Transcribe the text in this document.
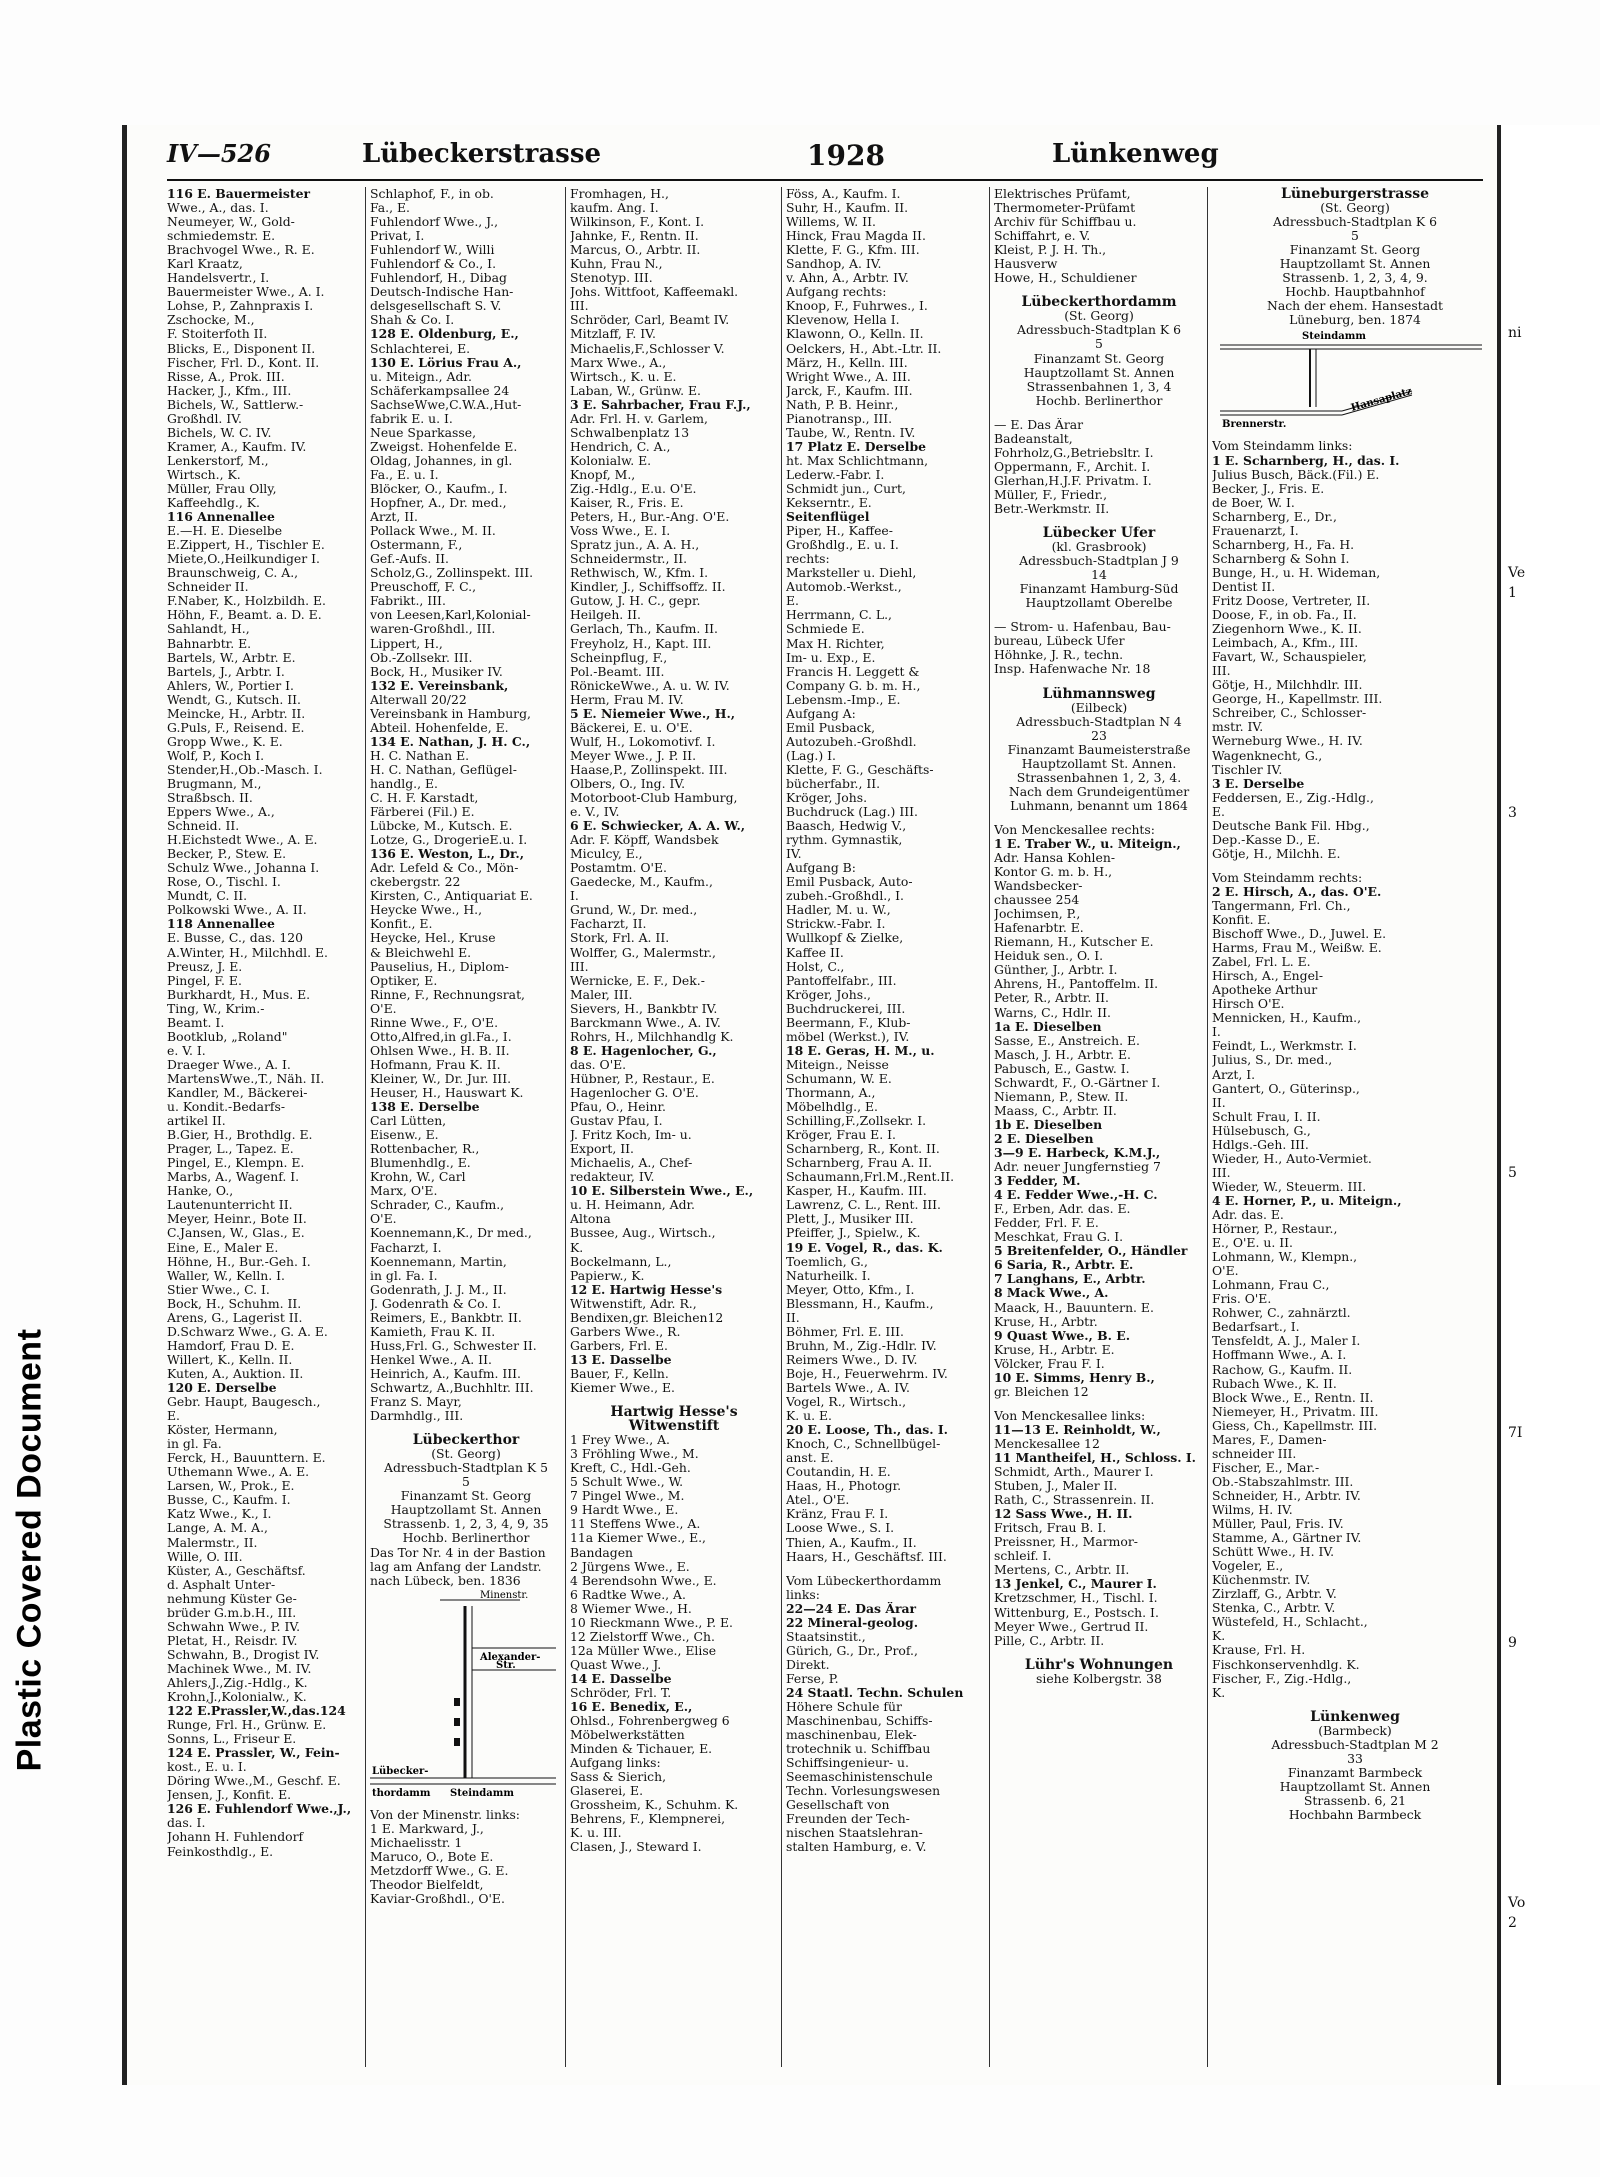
Plastic Covered Document
ni
Ve
1
3
5
7I
9
Vo
2
IV—526	Lübeckerstrasse	1928	Lünkenweg
116 E. Bauermeister
Wwe., A., das. I.
Neumeyer, W., Gold-
schmiedemstr. E.
Brachvogel Wwe., R. E.
Karl Kraatz,
Handelsvertr., I.
Bauermeister Wwe., A. I.
Lohse, P., Zahnpraxis I.
Zschocke, M.,
F. Stoiterfoth II.
Blicks, E., Disponent II.
Fischer, Frl. D., Kont. II.
Risse, A., Prok. III.
Hacker, J., Kfm., III.
Bichels, W., Sattlerw.-
Großhdl. IV.
Bichels, W. C. IV.
Kramer, A., Kaufm. IV.
Lenkerstorf, M.,
Wirtsch., K.
Müller, Frau Olly,
Kaffeehdlg., K.
116 Annenallee
E.—H. E. Dieselbe
E.Zippert, H., Tischler E.
Miete,O.,Heilkundiger I.
Braunschweig, C. A.,
Schneider II.
F.Naber, K., Holzbildh. E.
Höhn, F., Beamt. a. D. E.
Sahlandt, H.,
Bahnarbtr. E.
Bartels, W., Arbtr. E.
Bartels, J., Arbtr. I.
Ahlers, W., Portier I.
Wendt, G., Kutsch. II.
Meincke, H., Arbtr. II.
G.Puls, F., Reisend. E.
Gropp Wwe., K. E.
Wolf, P., Koch I.
Stender,H.,Ob.-Masch. I.
Brugmann, M.,
Straßbsch. II.
Eppers Wwe., A.,
Schneid. II.
H.Eichstedt Wwe., A. E.
Becker, P., Stew. E.
Schulz Wwe., Johanna I.
Rose, O., Tischl. I.
Mundt, C. II.
Polkowski Wwe., A. II.
118 Annenallee
E. Busse, C., das. 120
A.Winter, H., Milchhdl. E.
Preusz, J. E.
Pingel, F. E.
Burkhardt, H., Mus. E.
Ting, W., Krim.-
Beamt. I.
Bootklub, „Roland"
e. V. I.
Draeger Wwe., A. I.
MartensWwe.,T., Näh. II.
Kandler, M., Bäckerei-
u. Kondit.-Bedarfs-
artikel II.
B.Gier, H., Brothdlg. E.
Prager, L., Tapez. E.
Pingel, E., Klempn. E.
Marbs, A., Wagenf. I.
Hanke, O.,
Lautenunterricht II.
Meyer, Heinr., Bote II.
C.Jansen, W., Glas., E.
Eine, E., Maler E.
Höhne, H., Bur.-Geh. I.
Waller, W., Kelln. I.
Stier Wwe., C. I.
Bock, H., Schuhm. II.
Arens, G., Lagerist II.
D.Schwarz Wwe., G. A. E.
Hamdorf, Frau D. E.
Willert, K., Kelln. II.
Kuten, A., Auktion. II.
120 E. Derselbe
Gebr. Haupt, Baugesch.,
E.
Köster, Hermann,
in gl. Fa.
Ferck, H., Bauunttern. E.
Uthemann Wwe., A. E.
Larsen, W., Prok., E.
Busse, C., Kaufm. I.
Katz Wwe., K., I.
Lange, A. M. A.,
Malermstr., II.
Wille, O. III.
Küster, A., Geschäftsf.
d. Asphalt Unter-
nehmung Küster Ge-
brüder G.m.b.H., III.
Schwahn Wwe., P. IV.
Pletat, H., Reisdr. IV.
Schwahn, B., Drogist IV.
Machinek Wwe., M. IV.
Ahlers,J.,Zig.-Hdlg., K.
Krohn,J.,Kolonialw., K.
122 E.Prassler,W.,das.124
Runge, Frl. H., Grünw. E.
Sonns, L., Friseur E.
124 E. Prassler, W., Fein-
kost., E. u. I.
Döring Wwe.,M., Geschf. E.
Jensen, J., Konfit. E.
126 E. Fuhlendorf Wwe.,J.,
das. I.
Johann H. Fuhlendorf
Feinkosthdlg., E.
Schlaphof, F., in ob.
Fa., E.
Fuhlendorf Wwe., J.,
Privat, I.
Fuhlendorf W., Willi
Fuhlendorf & Co., I.
Fuhlendorf, H., Dibag
Deutsch-Indische Han-
delsgesellschaft S. V.
Shah & Co. I.
128 E. Oldenburg, E.,
Schlachterei, E.
130 E. Lörius Frau A.,
u. Miteign., Adr.
Schäferkampsallee 24
SachseWwe,C.W.A.,Hut-
fabrik E. u. I.
Neue Sparkasse,
Zweigst. Hohenfelde E.
Oldag, Johannes, in gl.
Fa., E. u. I.
Blöcker, O., Kaufm., I.
Hopfner, A., Dr. med.,
Arzt, II.
Pollack Wwe., M. II.
Ostermann, F.,
Gef.-Aufs. II.
Scholz,G., Zollinspekt. III.
Preuschoff, F. C.,
Fabrikt., III.
von Leesen,Karl,Kolonial-
waren-Großhdl., III.
Lippert, H.,
Ob.-Zollsekr. III.
Bock, H., Musiker IV.
132 E. Vereinsbank,
Alterwall 20/22
Vereinsbank in Hamburg,
Abteil. Hohenfelde, E.
134 E. Nathan, J. H. C.,
H. C. Nathan E.
H. C. Nathan, Geflügel-
handlg., E.
C. H. F. Karstadt,
Färberei (Fil.) E.
Lübcke, M., Kutsch. E.
Lotze, G., DrogerieE.u. I.
136 E. Weston, L., Dr.,
Adr. Lefeld & Co., Mön-
ckebergstr. 22
Kirsten, C., Antiquariat E.
Heycke Wwe., H.,
Konfit., E.
Heycke, Hel., Kruse
& Bleichwehl E.
Pauselius, H., Diplom-
Optiker, E.
Rinne, F., Rechnungsrat,
O'E.
Rinne Wwe., F., O'E.
Otto,Alfred,in gl.Fa., I.
Ohlsen Wwe., H. B. II.
Hofmann, Frau K. II.
Kleiner, W., Dr. Jur. III.
Heuser, H., Hauswart K.
138 E. Derselbe
Carl Lütten,
Eisenw., E.
Rottenbacher, R.,
Blumenhdlg., E.
Krohn, W., Carl
Marx, O'E.
Schrader, C., Kaufm.,
O'E.
Koennemann,K., Dr med.,
Facharzt, I.
Koennemann, Martin,
in gl. Fa. I.
Godenrath, J. J. M., II.
J. Godenrath & Co. I.
Reimers, E., Bankbtr. II.
Kamieth, Frau K. II.
Huss,Frl. G., Schwester II.
Henkel Wwe., A. II.
Heinrich, A., Kaufm. III.
Schwartz, A.,Buchhltr. III.
Franz S. Mayr,
Darmhdlg., III.
Lübeckerthor
(St. Georg)
Adressbuch-Stadtplan K 5
5
Finanzamt St. Georg
Hauptzollamt St. Annen
Strassenb. 1, 2, 3, 4, 9, 35
Hochb. Berlinerthor
Das Tor Nr. 4 in der Bastion
lag am Anfang der Landstr.
nach Lübeck, ben. 1836
Minenstr.
Alexander-
Str.
Lübecker-
thordamm Steindamm
Von der Minenstr. links:
1 E. Markward, J.,
Michaelisstr. 1
Maruco, O., Bote E.
Metzdorff Wwe., G. E.
Theodor Bielfeldt,
Kaviar-Großhdl., O'E.
Fromhagen, H.,
kaufm. Ang. I.
Wilkinson, F., Kont. I.
Jahnke, F., Rentn. II.
Marcus, O., Arbtr. II.
Kuhn, Frau N.,
Stenotyp. III.
Johs. Wittfoot, Kaffeemakl.
III.
Schröder, Carl, Beamt IV.
Mitzlaff, F. IV.
Michaelis,F.,Schlosser V.
Marx Wwe., A.,
Wirtsch., K. u. E.
Laban, W., Grünw. E.
3 E. Sahrbacher, Frau F.J.,
Adr. Frl. H. v. Garlem,
Schwalbenplatz 13
Hendrich, C. A.,
Kolonialw. E.
Knopf, M.,
Zig.-Hdlg., E.u. O'E.
Kaiser, R., Fris. E.
Peters, H., Bur.-Ang. O'E.
Voss Wwe., E. I.
Spratz jun., A. A. H.,
Schneidermstr., II.
Rethwisch, W., Kfm. I.
Kindler, J., Schiffsoffz. II.
Gutow, J. H. C., gepr.
Heilgeh. II.
Gerlach, Th., Kaufm. II.
Freyholz, H., Kapt. III.
Scheinpflug, F.,
Pol.-Beamt. III.
RönickeWwe., A. u. W. IV.
Herm, Frau M. IV.
5 E. Niemeier Wwe., H.,
Bäckerei, E. u. O'E.
Wulf, H., Lokomotivf. I.
Meyer Wwe., J. P. II.
Haase,P., Zollinspekt. III.
Olbers, O., Ing. IV.
Motorboot-Club Hamburg,
e. V., IV.
6 E. Schwiecker, A. A. W.,
Adr. F. Köpff, Wandsbek
Miculcy, E.,
Postamtm. O'E.
Gaedecke, M., Kaufm.,
I.
Grund, W., Dr. med.,
Facharzt, II.
Stork, Frl. A. II.
Wolffer, G., Malermstr.,
III.
Wernicke, E. F., Dek.-
Maler, III.
Sievers, H., Bankbtr IV.
Barckmann Wwe., A. IV.
Rohrs, H., Milchhandlg K.
8 E. Hagenlocher, G.,
das. O'E.
Hübner, P., Restaur., E.
Hagenlocher G. O'E.
Pfau, O., Heinr.
Gustav Pfau, I.
J. Fritz Koch, Im- u.
Export, II.
Michaelis, A., Chef-
redakteur, IV.
10 E. Silberstein Wwe., E.,
u. H. Heimann, Adr.
Altona
Bussee, Aug., Wirtsch.,
K.
Bockelmann, L.,
Papierw., K.
12 E. Hartwig Hesse's
Witwenstift, Adr. R.,
Bendixen,gr. Bleichen12
Garbers Wwe., R.
Garbers, Frl. E.
13 E. Dasselbe
Bauer, F., Kelln.
Kiemer Wwe., E.
Hartwig Hesse's
Witwenstift
1 Frey Wwe., A.
3 Fröhling Wwe., M.
Kreft, C., Hdl.-Geh.
5 Schult Wwe., W.
7 Pingel Wwe., M.
9 Hardt Wwe., E.
11 Steffens Wwe., A.
11a Kiemer Wwe., E.,
Bandagen
2 Jürgens Wwe., E.
4 Berendsohn Wwe., E.
6 Radtke Wwe., A.
8 Wiemer Wwe., H.
10 Rieckmann Wwe., P. E.
12 Zielstorff Wwe., Ch.
12a Müller Wwe., Elise
Quast Wwe., J.
14 E. Dasselbe
Schröder, Frl. T.
16 E. Benedix, E.,
Ohlsd., Fohrenbergweg 6
Möbelwerkstätten
Minden & Tichauer, E.
Aufgang links:
Sass & Sierich,
Glaserei, E.
Grossheim, K., Schuhm. K.
Behrens, F., Klempnerei,
K. u. III.
Clasen, J., Steward I.
Föss, A., Kaufm. I.
Suhr, H., Kaufm. II.
Willems, W. II.
Hinck, Frau Magda II.
Klette, F. G., Kfm. III.
Sandhop, A. IV.
v. Ahn, A., Arbtr. IV.
Aufgang rechts:
Knoop, F., Fuhrwes., I.
Klevenow, Hella I.
Klawonn, O., Kelln. II.
Oelckers, H., Abt.-Ltr. II.
März, H., Kelln. III.
Wright Wwe., A. III.
Jarck, F., Kaufm. III.
Nath, P. B. Heinr.,
Pianotransp., III.
Taube, W., Rentn. IV.
17 Platz E. Derselbe
ht. Max Schlichtmann,
Lederw.-Fabr. I.
Schmidt jun., Curt,
Kekserntr., E.
Seitenflügel
Piper, H., Kaffee-
Großhdlg., E. u. I.
rechts:
Marksteller u. Diehl,
Automob.-Werkst.,
E.
Herrmann, C. L.,
Schmiede E.
Max H. Richter,
Im- u. Exp., E.
Francis H. Leggett &
Company G. b. m. H.,
Lebensm.-Imp., E.
Aufgang A:
Emil Pusback,
Autozubeh.-Großhdl.
(Lag.) I.
Klette, F. G., Geschäfts-
bücherfabr., II.
Kröger, Johs.
Buchdruck (Lag.) III.
Baasch, Hedwig V.,
rythm. Gymnastik,
IV.
Aufgang B:
Emil Pusback, Auto-
zubeh.-Großhdl., I.
Hadler, M. u. W.,
Strickw.-Fabr. I.
Wullkopf & Zielke,
Kaffee II.
Holst, C.,
Pantoffelfabr., III.
Kröger, Johs.,
Buchdruckerei, III.
Beermann, F., Klub-
möbel (Werkst.), IV.
18 E. Geras, H. M., u.
Miteign., Neisse
Schumann, W. E.
Thormann, A.,
Möbelhdlg., E.
Schilling,F.,Zollsekr. I.
Kröger, Frau E. I.
Scharnberg, R., Kont. II.
Scharnberg, Frau A. II.
Schaumann,Frl.M.,Rent.II.
Kasper, H., Kaufm. III.
Lawrenz, C. L., Rent. III.
Plett, J., Musiker III.
Pfeiffer, J., Spielw., K.
19 E. Vogel, R., das. K.
Toemlich, G.,
Naturheilk. I.
Meyer, Otto, Kfm., I.
Blessmann, H., Kaufm.,
II.
Böhmer, Frl. E. III.
Bruhn, M., Zig.-Hdlr. IV.
Reimers Wwe., D. IV.
Boje, H., Feuerwehrm. IV.
Bartels Wwe., A. IV.
Vogel, R., Wirtsch.,
K. u. E.
20 E. Loose, Th., das. I.
Knoch, C., Schnellbügel-
anst. E.
Coutandin, H. E.
Haas, H., Photogr.
Atel., O'E.
Kränz, Frau F. I.
Loose Wwe., S. I.
Thien, A., Kaufm., II.
Haars, H., Geschäftsf. III.
Vom Lübeckerthordamm
links:
22—24 E. Das Ärar
22 Mineral-geolog.
Staatsinstit.,
Gürich, G., Dr., Prof.,
Direkt.
Ferse, P.
24 Staatl. Techn. Schulen
Höhere Schule für
Maschinenbau, Schiffs-
maschinenbau, Elek-
trotechnik u. Schiffbau
Schiffsingenieur- u.
Seemaschinistenschule
Techn. Vorlesungswesen
Gesellschaft von
Freunden der Tech-
nischen Staatslehran-
stalten Hamburg, e. V.
Elektrisches Prüfamt,
Thermometer-Prüfamt
Archiv für Schiffbau u.
Schiffahrt, e. V.
Kleist, P. J. H. Th.,
Hausverw
Howe, H., Schuldiener
Lübeckerthordamm
(St. Georg)
Adressbuch-Stadtplan K 6
5
Finanzamt St. Georg
Hauptzollamt St. Annen
Strassenbahnen 1, 3, 4
Hochb. Berlinerthor
— E. Das Ärar
Badeanstalt,
Fohrholz,G.,Betriebsltr. I.
Oppermann, F., Archit. I.
Glerhan,H.J.F. Privatm. I.
Müller, F., Friedr.,
Betr.-Werkmstr. II.
Lübecker Ufer
(kl. Grasbrook)
Adressbuch-Stadtplan J 9
14
Finanzamt Hamburg-Süd
Hauptzollamt Oberelbe
— Strom- u. Hafenbau, Bau-
bureau, Lübeck Ufer
Höhnke, J. R., techn.
Insp. Hafenwache Nr. 18
Lühmannsweg
(Eilbeck)
Adressbuch-Stadtplan N 4
23
Finanzamt Baumeisterstraße
Hauptzollamt St. Annen.
Strassenbahnen 1, 2, 3, 4.
Nach dem Grundeigentümer
Luhmann, benannt um 1864
Von Menckesallee rechts:
1 E. Traber W., u. Miteign.,
Adr. Hansa Kohlen-
Kontor G. m. b. H.,
Wandsbecker-
chaussee 254
Jochimsen, P.,
Hafenarbtr. E.
Riemann, H., Kutscher E.
Heiduk sen., O. I.
Günther, J., Arbtr. I.
Ahrens, H., Pantoffelm. II.
Peter, R., Arbtr. II.
Warns, C., Hdlr. II.
1a E. Dieselben
Sasse, E., Anstreich. E.
Masch, J. H., Arbtr. E.
Pabusch, E., Gastw. I.
Schwardt, F., O.-Gärtner I.
Niemann, P., Stew. II.
Maass, C., Arbtr. II.
1b E. Dieselben
2 E. Dieselben
3—9 E. Harbeck, K.M.J.,
Adr. neuer Jungfernstieg 7
3 Fedder, M.
4 E. Fedder Wwe.,-H. C.
F., Erben, Adr. das. E.
Fedder, Frl. F. E.
Meschkat, Frau G. I.
5 Breitenfelder, O., Händler
6 Saria, R., Arbtr. E.
7 Langhans, E., Arbtr.
8 Mack Wwe., A.
Maack, H., Bauuntern. E.
Kruse, H., Arbtr.
9 Quast Wwe., B. E.
Kruse, H., Arbtr. E.
Völcker, Frau F. I.
10 E. Simms, Henry B.,
gr. Bleichen 12
Von Menckesallee links:
11—13 E. Reinholdt, W.,
Menckesallee 12
11 Mantheifel, H., Schloss. I.
Schmidt, Arth., Maurer I.
Stuben, J., Maler II.
Rath, C., Strassenrein. II.
12 Sass Wwe., H. II.
Fritsch, Frau B. I.
Preissner, H., Marmor-
schleif. I.
Mertens, C., Arbtr. II.
13 Jenkel, C., Maurer I.
Kretzschmer, H., Tischl. I.
Wittenburg, E., Postsch. I.
Meyer Wwe., Gertrud II.
Pille, C., Arbtr. II.
Lühr's Wohnungen
siehe Kolbergstr. 38
Lüneburgerstrasse
(St. Georg)
Adressbuch-Stadtplan K 6
5
Finanzamt St. Georg
Hauptzollamt St. Annen
Strassenb. 1, 2, 3, 4, 9.
Hochb. Hauptbahnhof
Nach der ehem. Hansestadt
Lüneburg, ben. 1874
Steindamm
Brennerstr.
Hansaplatz
Vom Steindamm links:
1 E. Scharnberg, H., das. I.
Julius Busch, Bäck.(Fil.) E.
Becker, J., Fris. E.
de Boer, W. I.
Scharnberg, E., Dr.,
Frauenarzt, I.
Scharnberg, H., Fa. H.
Scharnberg & Sohn I.
Bunge, H., u. H. Wideman,
Dentist II.
Fritz Doose, Vertreter, II.
Doose, F., in ob. Fa., II.
Ziegenhorn Wwe., K. II.
Leimbach, A., Kfm., III.
Favart, W., Schauspieler,
III.
Götje, H., Milchhdlr. III.
George, H., Kapellmstr. III.
Schreiber, C., Schlosser-
mstr. IV.
Werneburg Wwe., H. IV.
Wagenknecht, G.,
Tischler IV.
3 E. Derselbe
Feddersen, E., Zig.-Hdlg.,
E.
Deutsche Bank Fil. Hbg.,
Dep.-Kasse D., E.
Götje, H., Milchh. E.
Vom Steindamm rechts:
2 E. Hirsch, A., das. O'E.
Tangermann, Frl. Ch.,
Konfit. E.
Bischoff Wwe., D., Juwel. E.
Harms, Frau M., Weißw. E.
Zabel, Frl. L. E.
Hirsch, A., Engel-
Apotheke Arthur
Hirsch O'E.
Mennicken, H., Kaufm.,
I.
Feindt, L., Werkmstr. I.
Julius, S., Dr. med.,
Arzt, I.
Gantert, O., Güterinsp.,
II.
Schult Frau, I. II.
Hülsebusch, G.,
Hdlgs.-Geh. III.
Wieder, H., Auto-Vermiet.
III.
Wieder, W., Steuerm. III.
4 E. Horner, P., u. Miteign.,
Adr. das. E.
Hörner, P., Restaur.,
E., O'E. u. II.
Lohmann, W., Klempn.,
O'E.
Lohmann, Frau C.,
Fris. O'E.
Rohwer, C., zahnärztl.
Bedarfsart., I.
Tensfeldt, A. J., Maler I.
Hoffmann Wwe., A. I.
Rachow, G., Kaufm. II.
Rubach Wwe., K. II.
Block Wwe., E., Rentn. II.
Niemeyer, H., Privatm. III.
Giess, Ch., Kapellmstr. III.
Mares, F., Damen-
schneider III.
Fischer, E., Mar.-
Ob.-Stabszahlmstr. III.
Schneider, H., Arbtr. IV.
Wilms, H. IV.
Müller, Paul, Fris. IV.
Stamme, A., Gärtner IV.
Schütt Wwe., H. IV.
Vogeler, E.,
Küchenmstr. IV.
Zirzlaff, G., Arbtr. V.
Stenka, C., Arbtr. V.
Wüstefeld, H., Schlacht.,
K.
Krause, Frl. H.
Fischkonservenhdlg. K.
Fischer, F., Zig.-Hdlg.,
K.
Lünkenweg
(Barmbeck)
Adressbuch-Stadtplan M 2
33
Finanzamt Barmbeck
Hauptzollamt St. Annen
Strassenb. 6, 21
Hochbahn Barmbeck
